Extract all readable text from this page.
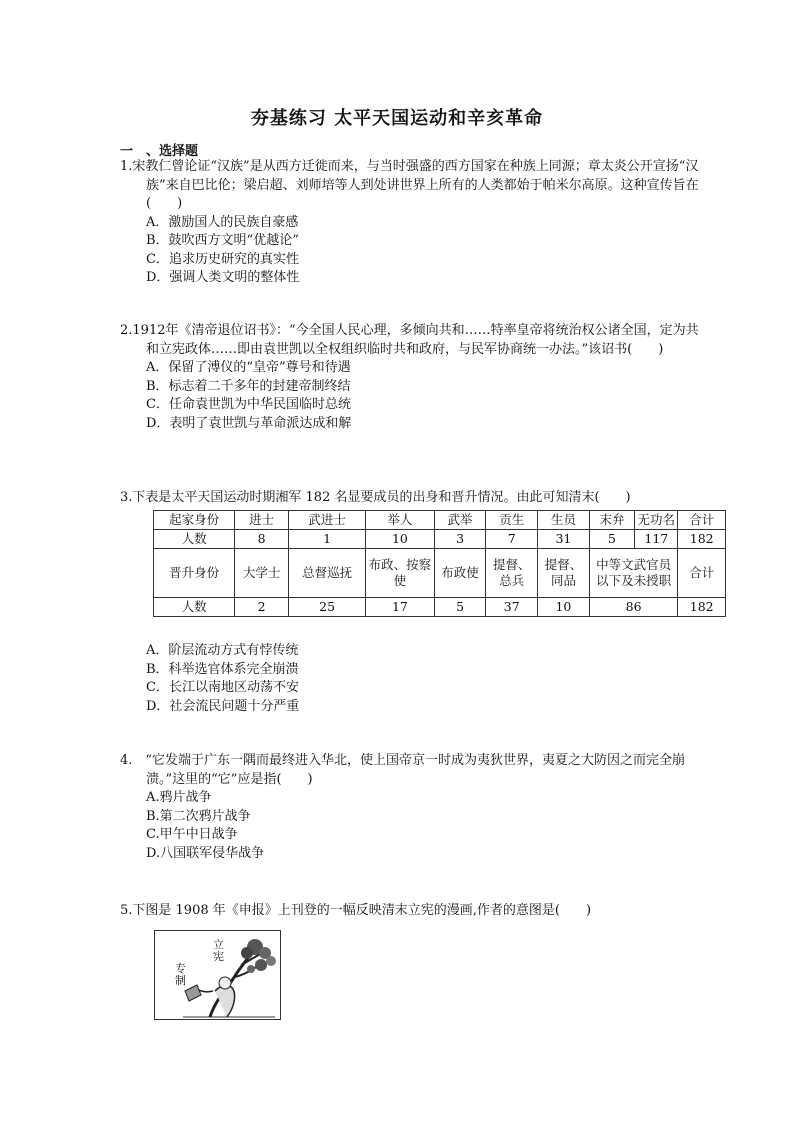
夯基练习 太平天国运动和辛亥革命
一　、选择题

1.宋教仁曾论证“汉族”是从西方迁徙而来，与当时强盛的西方国家在种族上同源；章太炎公开宣扬“汉族”来自巴比伦；梁启超、刘师培等人到处讲世界上所有的人类都始于帕米尔高原。这种宣传旨在(　　)

A．激励国人的民族自豪感

B．鼓吹西方文明“优越论”

C．追求历史研究的真实性

D．强调人类文明的整体性

2.1912年《清帝退位诏书》：“今全国人民心理，多倾向共和……特率皇帝将统治权公诸全国，定为共和立宪政体……即由袁世凯以全权组织临时共和政府，与民军协商统一办法。”该诏书(　　)

A．保留了溥仪的“皇帝”尊号和待遇

B．标志着二千多年的封建帝制终结

C．任命袁世凯为中华民国临时总统

D．表明了袁世凯与革命派达成和解

3.下表是太平天国运动时期湘军 182 名显要成员的出身和晋升情况。由此可知清末(　　)

起家身份	进士	武进士	举人	武举	贡生	生员	末弁	无功名	合计
人数	8	1	10	3	7	31	5	117	182
晋升身份	大学士	总督巡抚	布政、按察使	布政使	提督、总兵	提督、同品	中等文武官员以下及未授职		合计
人数	2	25	17	5	37	10	86		182

A．阶层流动方式有悖传统

B．科举选官体系完全崩溃

C．长江以南地区动荡不安

D．社会流民问题十分严重

4.　“它发端于广东一隅而最终进入华北，使上国帝京一时成为夷狄世界，夷夏之大防因之而完全崩溃。”这里的“它”应是指(　　)

A.鸦片战争

B.第二次鸦片战争

C.甲午中日战争

D.八国联军侵华战争

5.下图是 1908 年《申报》上刊登的一幅反映清末立宪的漫画,作者的意图是(　　)

立宪
专制
